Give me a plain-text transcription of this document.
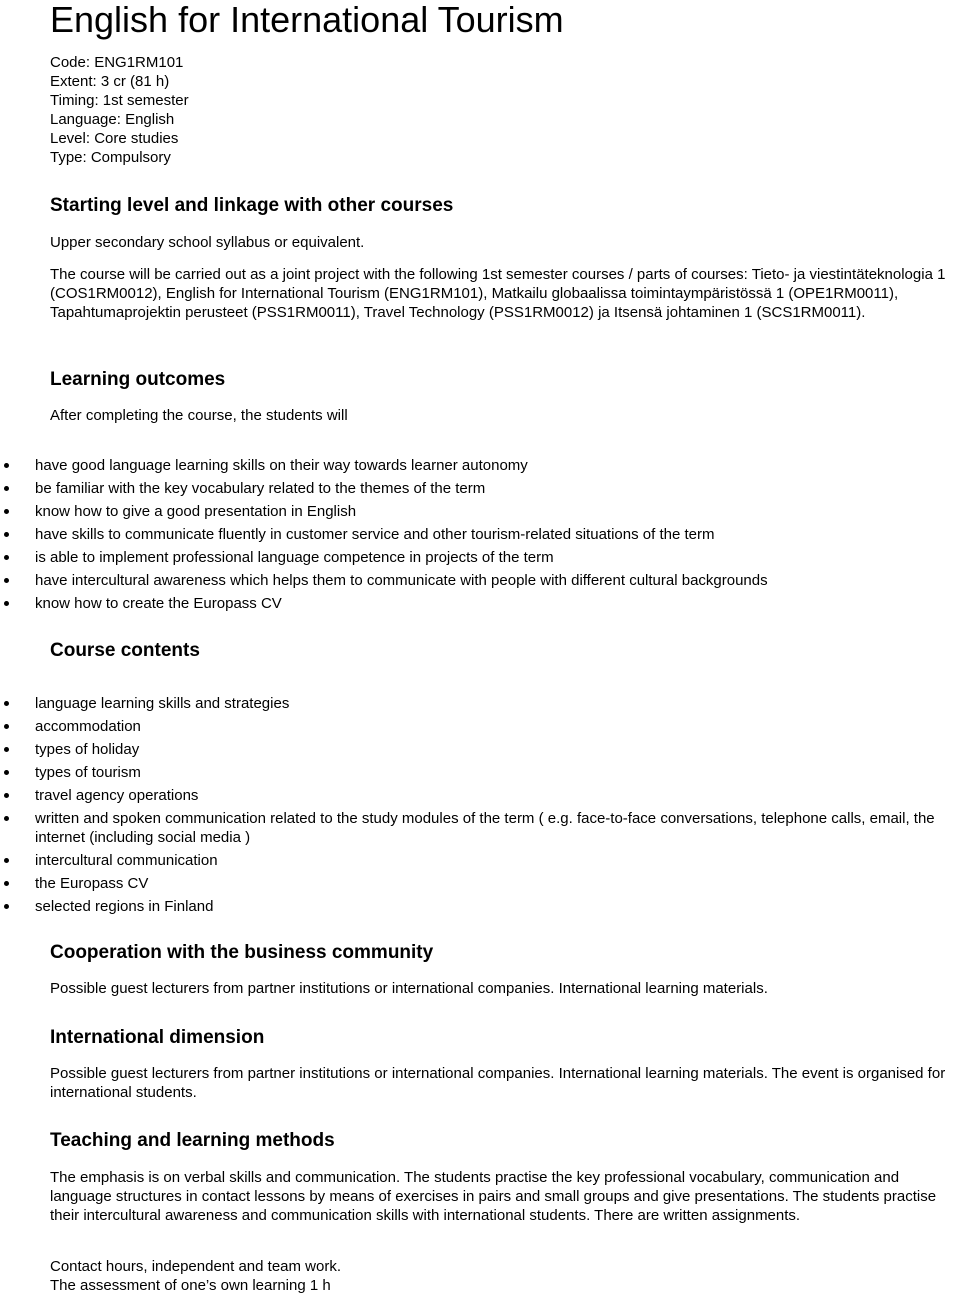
English for International Tourism
Code: ENG1RM101
Extent: 3 cr (81 h)
Timing: 1st semester
Language: English
Level: Core studies
Type: Compulsory
Starting level and linkage with other courses
Upper secondary school syllabus or equivalent.
The course will be carried out as a joint project with the following 1st semester courses / parts of courses: Tieto- ja viestintäteknologia 1 (COS1RM0012), English for International Tourism (ENG1RM101), Matkailu globaalissa toimintaympäristössä 1 (OPE1RM0011), Tapahtumaprojektin perusteet (PSS1RM0011), Travel Technology (PSS1RM0012) ja Itsensä johtaminen 1 (SCS1RM0011).
Learning outcomes
After completing the course, the students will
have good language learning skills on their way towards learner autonomy
be familiar with the key vocabulary related to the themes of the term
know how to give a good presentation in English
have skills to communicate fluently in customer service and other tourism-related situations of the term
is able to implement professional language competence in projects of the term
have intercultural awareness which helps them to communicate with people with different cultural backgrounds
know how to create the Europass CV
Course contents
language learning skills and strategies
accommodation
types of holiday
types of tourism
travel agency operations
written and spoken communication related to the study modules of the term ( e.g. face-to-face conversations, telephone calls, email, the internet (including social media )
intercultural communication
the Europass CV
selected regions in Finland
Cooperation with the business community
Possible guest lecturers from partner institutions or international companies. International learning materials.
International dimension
Possible guest lecturers from partner institutions or international companies. International learning materials. The event is organised for international students.
Teaching and learning methods
The emphasis is on verbal skills and communication. The students practise the key professional vocabulary, communication and language structures in contact lessons by means of exercises in pairs and small groups and give presentations. The students practise their intercultural awareness and communication skills with international students. There are written assignments.
Contact hours, independent and team work.
The assessment of one’s own learning 1 h
